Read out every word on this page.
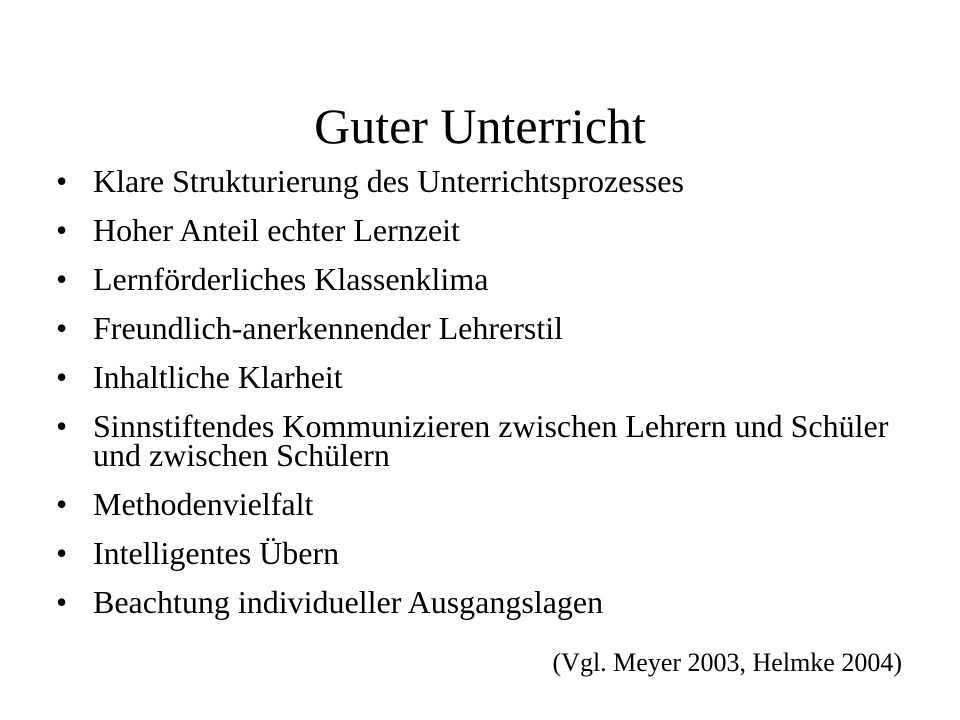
Guter Unterricht
• Klare Strukturierung des Unterrichtsprozesses
• Hoher Anteil echter Lernzeit
• Lernförderliches Klassenklima
• Freundlich-anerkennender Lehrerstil
• Inhaltliche Klarheit
• Sinnstiftendes Kommunizieren zwischen Lehrern und Schüler und zwischen Schülern
• Methodenvielfalt
• Intelligentes Übern
• Beachtung individueller Ausgangslagen

(Vgl. Meyer 2003, Helmke 2004)
